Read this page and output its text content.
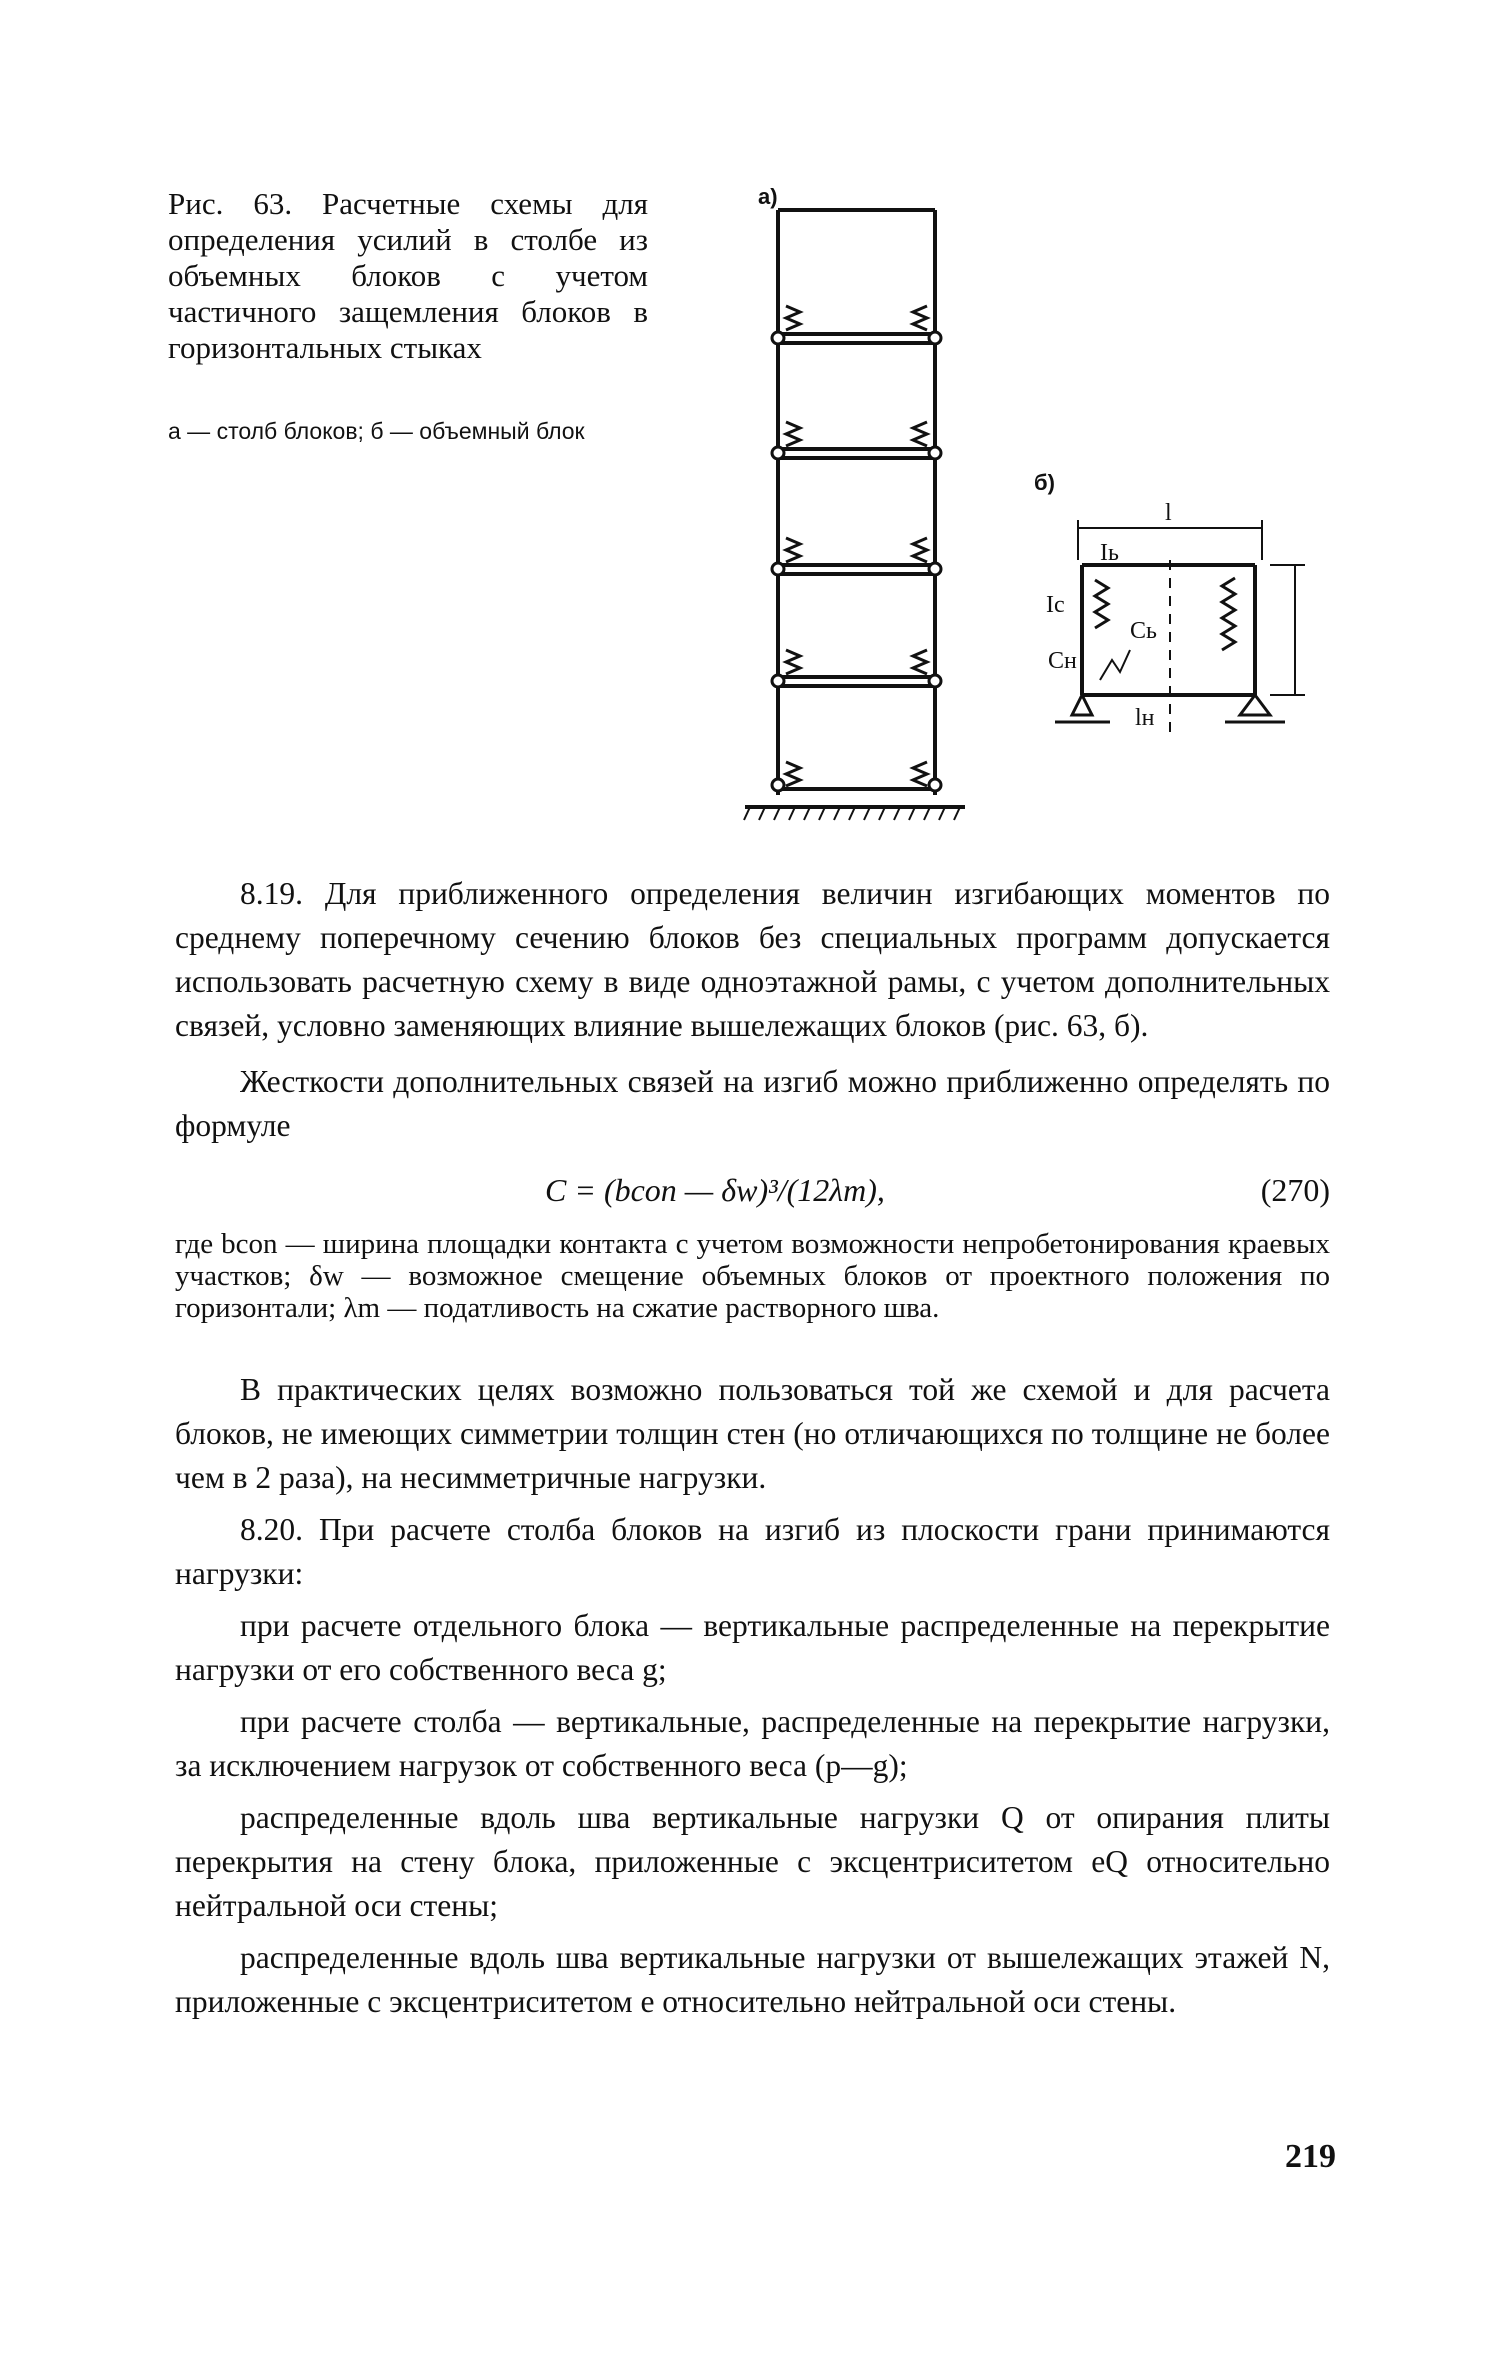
Рис. 63. Расчетные схемы для определения усилий в столбе из объемных блоков с учетом частичного защемления блоков в горизонтальных стыках
а — столб блоков; б — объемный блок
а)
б)
l
Iь
Iс
Cь
Cн
lн

8.19. Для приближенного определения величин изгибающих моментов по среднему поперечному сечению блоков без специальных программ допускается использовать расчетную схему в виде одноэтажной рамы, с учетом дополнительных связей, условно заменяющих влияние вышележащих блоков (рис. 63, б).

Жесткости дополнительных связей на изгиб можно приближенно определять по формуле

C = (bcon — δw)³/(12λm),	(270)

где bcon — ширина площадки контакта с учетом возможности непробетонирования краевых участков; δw — возможное смещение объемных блоков от проектного положения по горизонтали; λm — податливость на сжатие растворного шва.

В практических целях возможно пользоваться той же схемой и для расчета блоков, не имеющих симметрии толщин стен (но отличающихся по толщине не более чем в 2 раза), на несимметричные нагрузки.

8.20. При расчете столба блоков на изгиб из плоскости грани принимаются нагрузки:

при расчете отдельного блока — вертикальные распределенные на перекрытие нагрузки от его собственного веса g;

при расчете столба — вертикальные, распределенные на перекрытие нагрузки, за исключением нагрузок от собственного веса (p—g);

распределенные вдоль шва вертикальные нагрузки Q от опирания плиты перекрытия на стену блока, приложенные с эксцентриситетом eQ относительно нейтральной оси стены;

распределенные вдоль шва вертикальные нагрузки от вышележащих этажей N, приложенные с эксцентриситетом e относительно нейтральной оси стены.

219
